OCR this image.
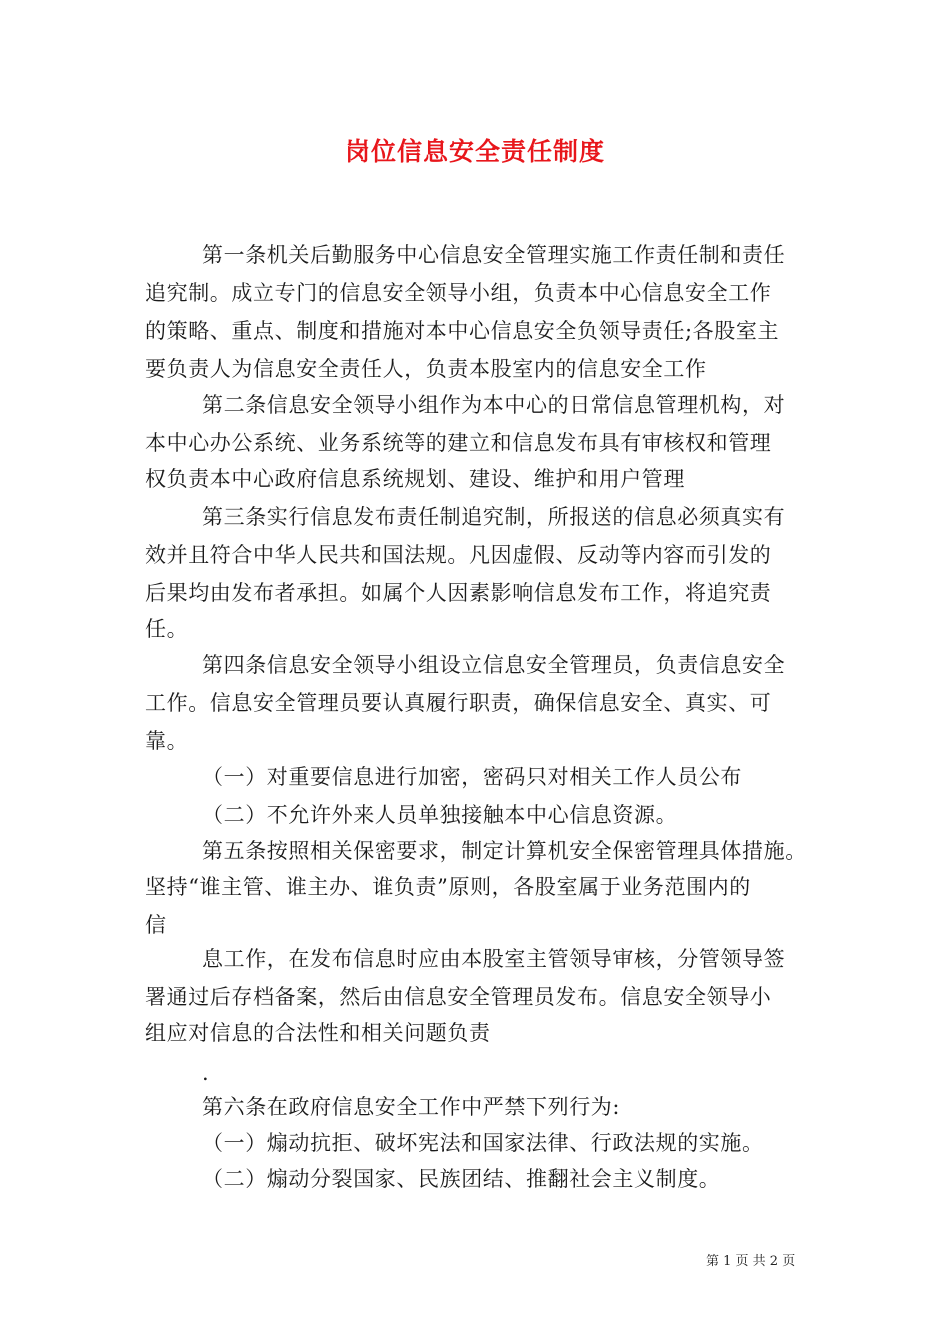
岗位信息安全责任制度
第一条机关后勤服务中心信息安全管理实施工作责任制和责任
追究制。成立专门的信息安全领导小组，负责本中心信息安全工作
的策略、重点、制度和措施对本中心信息安全负领导责任;各股室主
要负责人为信息安全责任人，负责本股室内的信息安全工作
第二条信息安全领导小组作为本中心的日常信息管理机构，对
本中心办公系统、业务系统等的建立和信息发布具有审核权和管理
权负责本中心政府信息系统规划、建设、维护和用户管理
第三条实行信息发布责任制追究制，所报送的信息必须真实有
效并且符合中华人民共和国法规。凡因虚假、反动等内容而引发的
后果均由发布者承担。如属个人因素影响信息发布工作，将追究责
任。
第四条信息安全领导小组设立信息安全管理员，负责信息安全
工作。信息安全管理员要认真履行职责，确保信息安全、真实、可
靠。
（一）对重要信息进行加密，密码只对相关工作人员公布
（二）不允许外来人员单独接触本中心信息资源。
第五条按照相关保密要求，制定计算机安全保密管理具体措施。
坚持“谁主管、谁主办、谁负责”原则，各股室属于业务范围内的
信
息工作，在发布信息时应由本股室主管领导审核，分管领导签
署通过后存档备案，然后由信息安全管理员发布。信息安全领导小
组应对信息的合法性和相关问题负责
.
第六条在政府信息安全工作中严禁下列行为:
（一）煽动抗拒、破坏宪法和国家法律、行政法规的实施。
（二）煽动分裂国家、民族团结、推翻社会主义制度。
第 1 页 共 2 页
